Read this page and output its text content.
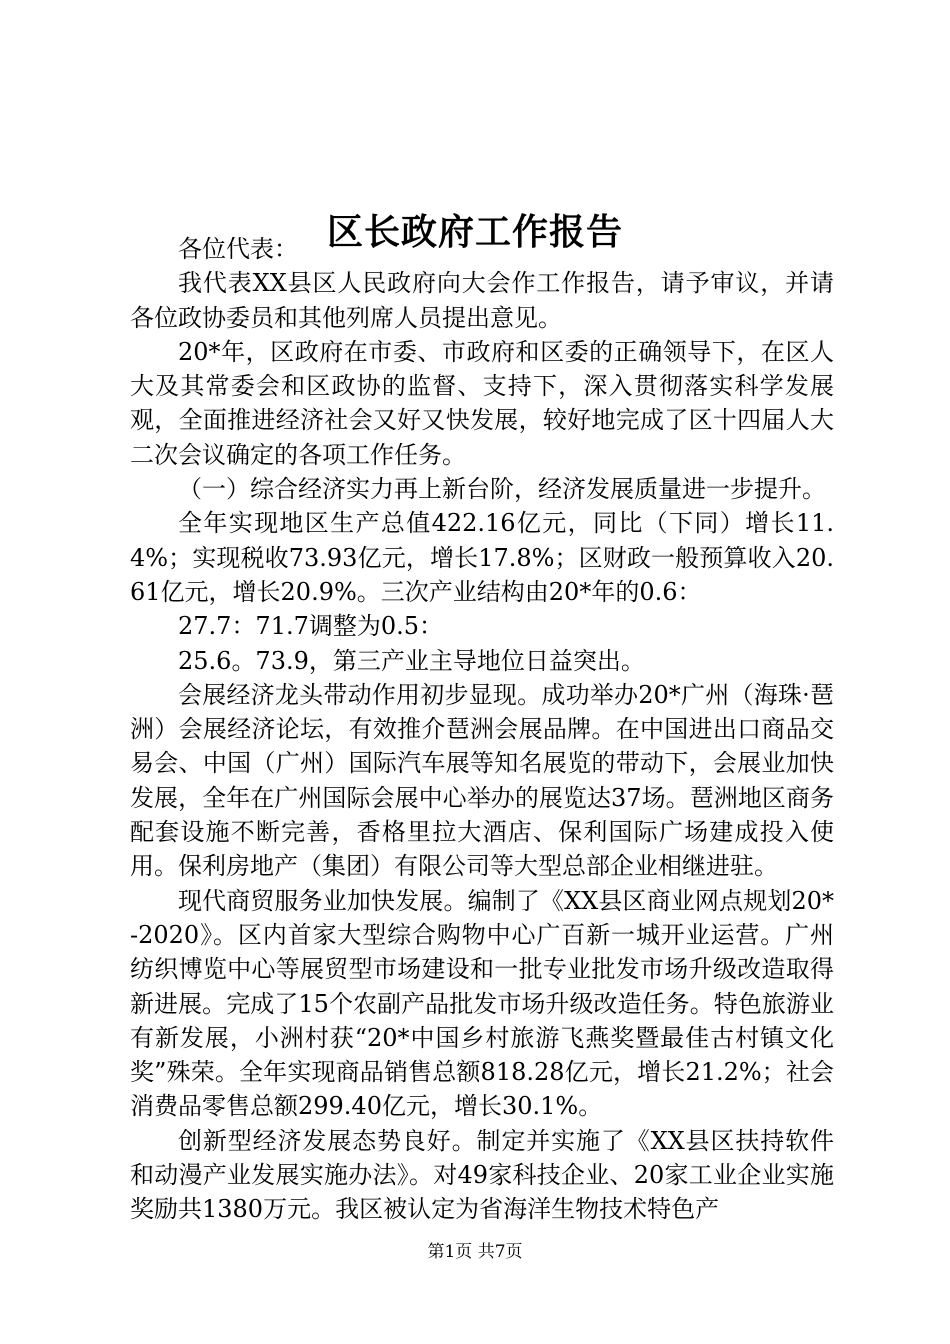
区长政府工作报告

各位代表：

我代表XX县区人民政府向大会作工作报告，请予审议，并请各位政协委员和其他列席人员提出意见。

20*年，区政府在市委、市政府和区委的正确领导下，在区人大及其常委会和区政协的监督、支持下，深入贯彻落实科学发展观，全面推进经济社会又好又快发展，较好地完成了区十四届人大二次会议确定的各项工作任务。

（一）综合经济实力再上新台阶，经济发展质量进一步提升。

全年实现地区生产总值422.16亿元，同比（下同）增长11.4%；实现税收73.93亿元，增长17.8%；区财政一般预算收入20.61亿元，增长20.9%。三次产业结构由20*年的0.6：

27.7：71.7调整为0.5：

25.6。73.9，第三产业主导地位日益突出。

会展经济龙头带动作用初步显现。成功举办20*广州（海珠·琶洲）会展经济论坛，有效推介琶洲会展品牌。在中国进出口商品交易会、中国（广州）国际汽车展等知名展览的带动下，会展业加快发展，全年在广州国际会展中心举办的展览达37场。琶洲地区商务配套设施不断完善，香格里拉大酒店、保利国际广场建成投入使用。保利房地产（集团）有限公司等大型总部企业相继进驻。

现代商贸服务业加快发展。编制了《XX县区商业网点规划20*-2020》。区内首家大型综合购物中心广百新一城开业运营。广州纺织博览中心等展贸型市场建设和一批专业批发市场升级改造取得新进展。完成了15个农副产品批发市场升级改造任务。特色旅游业有新发展，小洲村获“20*中国乡村旅游飞燕奖暨最佳古村镇文化奖”殊荣。全年实现商品销售总额818.28亿元，增长21.2%；社会消费品零售总额299.40亿元，增长30.1%。

创新型经济发展态势良好。制定并实施了《XX县区扶持软件和动漫产业发展实施办法》。对49家科技企业、20家工业企业实施奖励共1380万元。我区被认定为省海洋生物技术特色产

第1页 共7页
